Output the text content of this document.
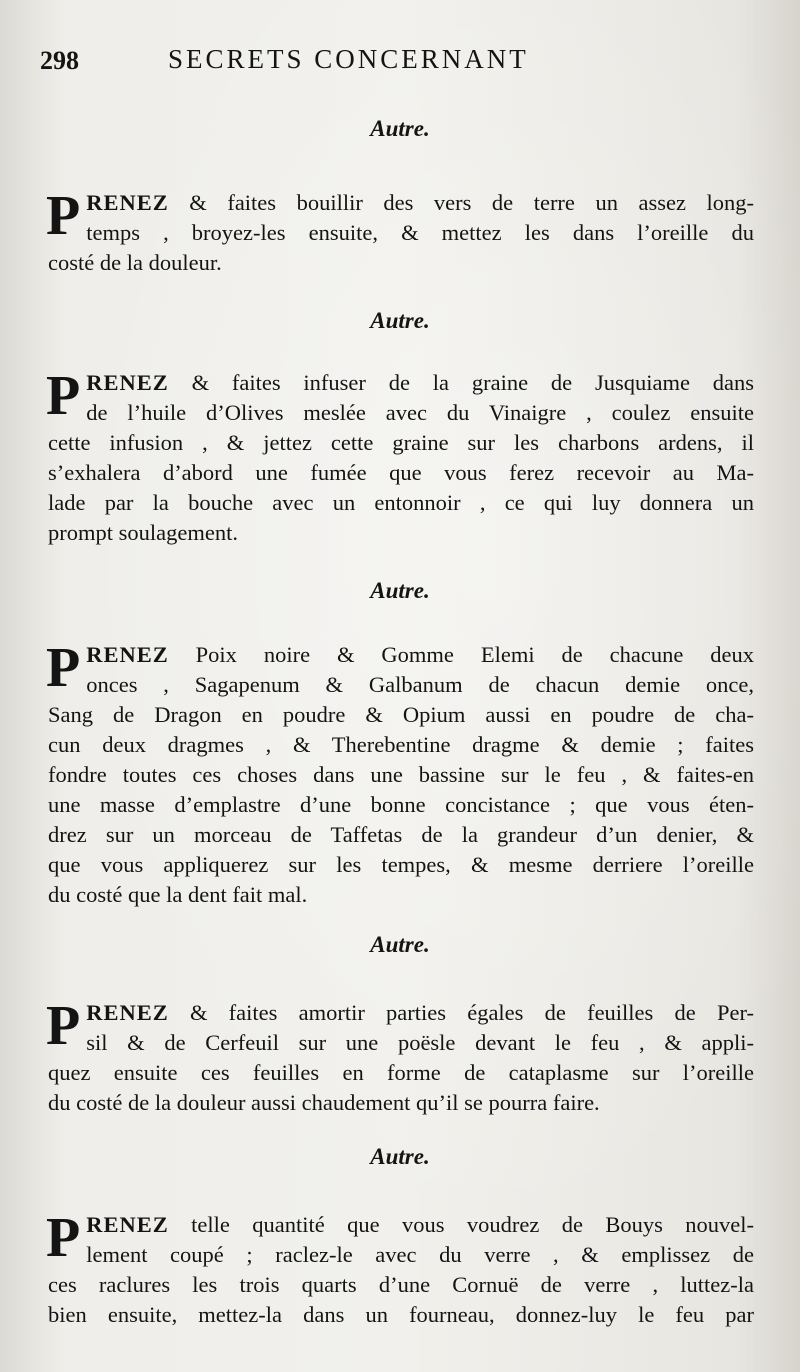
298	SECRETS CONCERNANT
Autre.
P RENEZ & faites bouillir des vers de terre un assez long-
temps , broyez-les ensuite, & mettez les dans l’oreille du
costé de la douleur.
Autre.
P RENEZ & faites infuser de la graine de Jusquiame dans
de l’huile d’Olives meslée avec du Vinaigre , coulez ensuite
cette infusion , & jettez cette graine sur les charbons ardens, il
s’exhalera d’abord une fumée que vous ferez recevoir au Ma-
lade par la bouche avec un entonnoir , ce qui luy donnera un
prompt soulagement.
Autre.
P RENEZ Poix noire & Gomme Elemi de chacune deux
onces , Sagapenum & Galbanum de chacun demie once,
Sang de Dragon en poudre & Opium aussi en poudre de cha-
cun deux dragmes , & Therebentine dragme & demie ; faites
fondre toutes ces choses dans une bassine sur le feu , & faites-en
une masse d’emplastre d’une bonne concistance ; que vous éten-
drez sur un morceau de Taffetas de la grandeur d’un denier, &
que vous appliquerez sur les tempes, & mesme derriere l’oreille
du costé que la dent fait mal.
Autre.
P RENEZ & faites amortir parties égales de feuilles de Per-
sil & de Cerfeuil sur une poësle devant le feu , & appli-
quez ensuite ces feuilles en forme de cataplasme sur l’oreille
du costé de la douleur aussi chaudement qu’il se pourra faire.
Autre.
P RENEZ telle quantité que vous voudrez de Bouys nouvel-
lement coupé ; raclez-le avec du verre , & emplissez de
ces raclures les trois quarts d’une Cornuë de verre , luttez-la
bien ensuite, mettez-la dans un fourneau, donnez-luy le feu par
